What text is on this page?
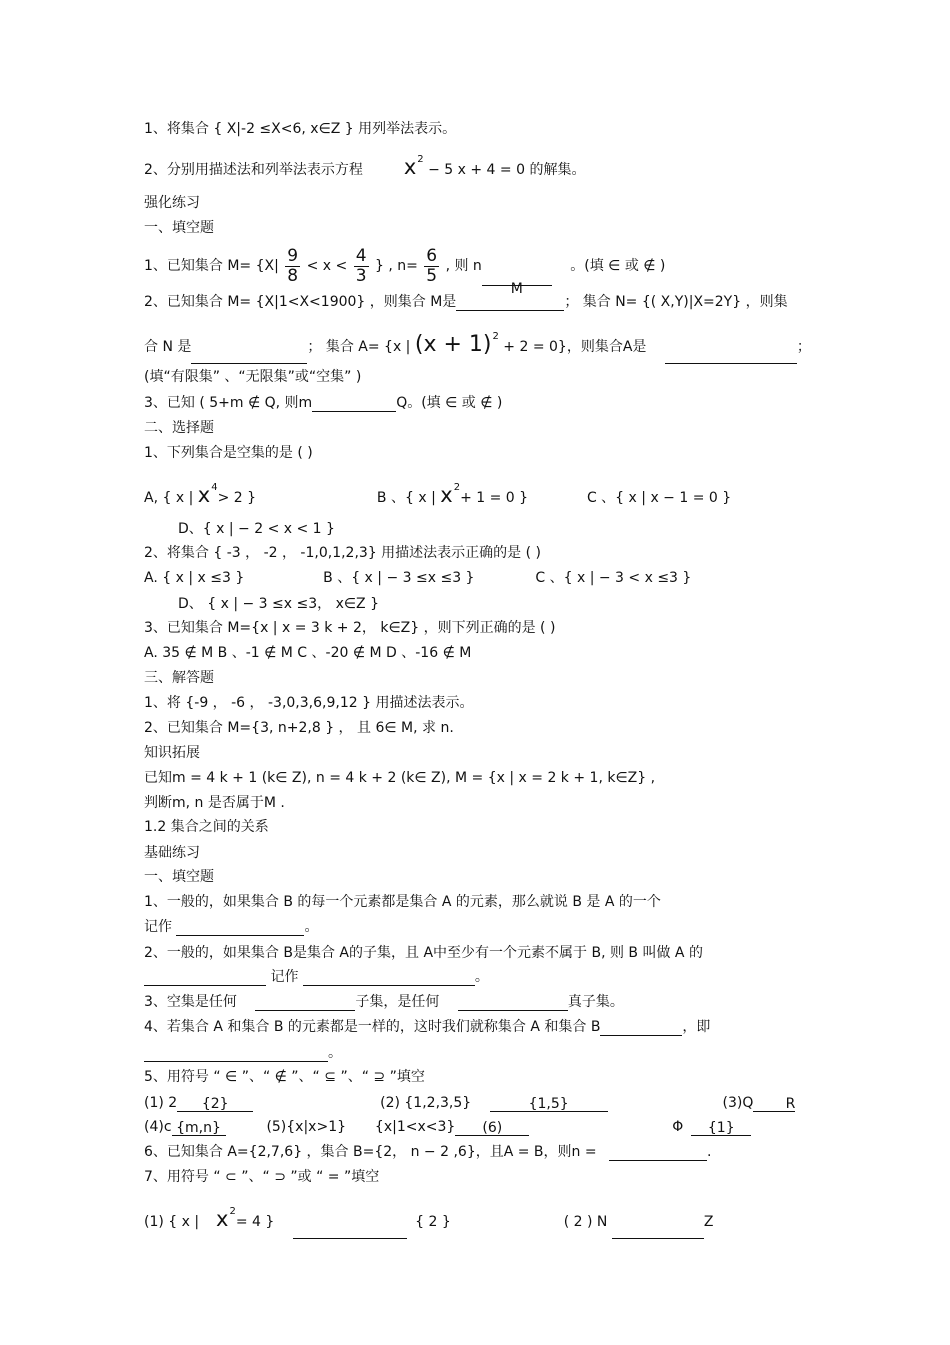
1、将集合 { X|-2 ≤X<6, x∈Z } 用列举法表示。
2、分别用描述法和列举法表示方程 $x^2 - 5$ x + 4 = 0 的解集。
强化练习
一、填空题
1、已知集合 $M= \{X| \frac{9}{8} < x < \frac{4}{3}$ } , $n= \frac{6}{5}$ , 则 nM 。(填 ∈ 或 ∉ )
2、已知集合 M= {X|1<X<1900} ，则集合 M是	； 集合 N= {( X,Y)|X=2Y} ，则集
合 N 是	； 集合 A= {x | $(x + 1)^2 + 2 = 0$}，则集合A是	；
(填“有限集” 、“无限集”或“空集” )
3、已知 ( 5+m ∉ Q, 则m	Q。(填 ∈ 或 ∉ )
二、选择题
1、下列集合是空集的是 ( )
A, { x | $x^4> 2$ }	B 、{ x | $x^2+ 1 = 0$ }	C 、{ x | x − 1 = 0 }
D、{ x | − 2 < x < 1 }
2、将集合 { -3 ， -2 ， -1,0,1,2,3} 用描述法表示正确的是 ( )
A. { x | x ≤3 }	B 、{ x | − 3 ≤x ≤3 }	C 、{ x | − 3 < x ≤3 }
D、 { x | − 3 ≤x ≤3， x∈Z }
3、已知集合 M={x | x = 3 k + 2， k∈Z} ，则下列正确的是 ( )
A. 35 ∉ M B 、-1 ∉ M C 、-20 ∉ M D 、-16 ∉ M
三、解答题
1、将 {-9 ， -6 ， -3,0,3,6,9,12 } 用描述法表示。
2、已知集合 M={3, n+2,8 } ， 且 6∈ M, 求 n.
知识拓展
已知m = 4 k + 1 (k∈ Z), n = 4 k + 2 (k∈ Z), M = {x | x = 2 k + 1, k∈Z} ,
判断m, n 是否属于M .
1.2 集合之间的关系
基础练习
一、填空题
1、一般的，如果集合 B 的每一个元素都是集合 A 的元素，那么就说 B 是 A 的一个
记作	。
2、一般的，如果集合 B是集合 A的子集，且 A中至少有一个元素不属于 B, 则 B 叫做 A 的
记作	。
3、空集是任何	子集，是任何	真子集。
4、若集合 A 和集合 B 的元素都是一样的，这时我们就称集合 A 和集合 B	，即
。
5、用符号 “ ∈ ”、“ ∉ ”、“ ⊆ ”、“ ⊇ ”填空
(1) 2 {2}	(2) {1,2,3,5}	{1,5}	(3)Q R
(4)c {m,n}	(5){x|x>1} {x|1<x<3} (6)	Φ {1}
6、已知集合 A={2,7,6} ，集合 B={2， n − 2 ,6}，且A = B，则n =	.
7、用符号 “ ⊂ ”、“ ⊃ ”或 “ = ”填空
(1) { x | $x^2= 4$ }	{ 2 }	( 2 ) N	Z
